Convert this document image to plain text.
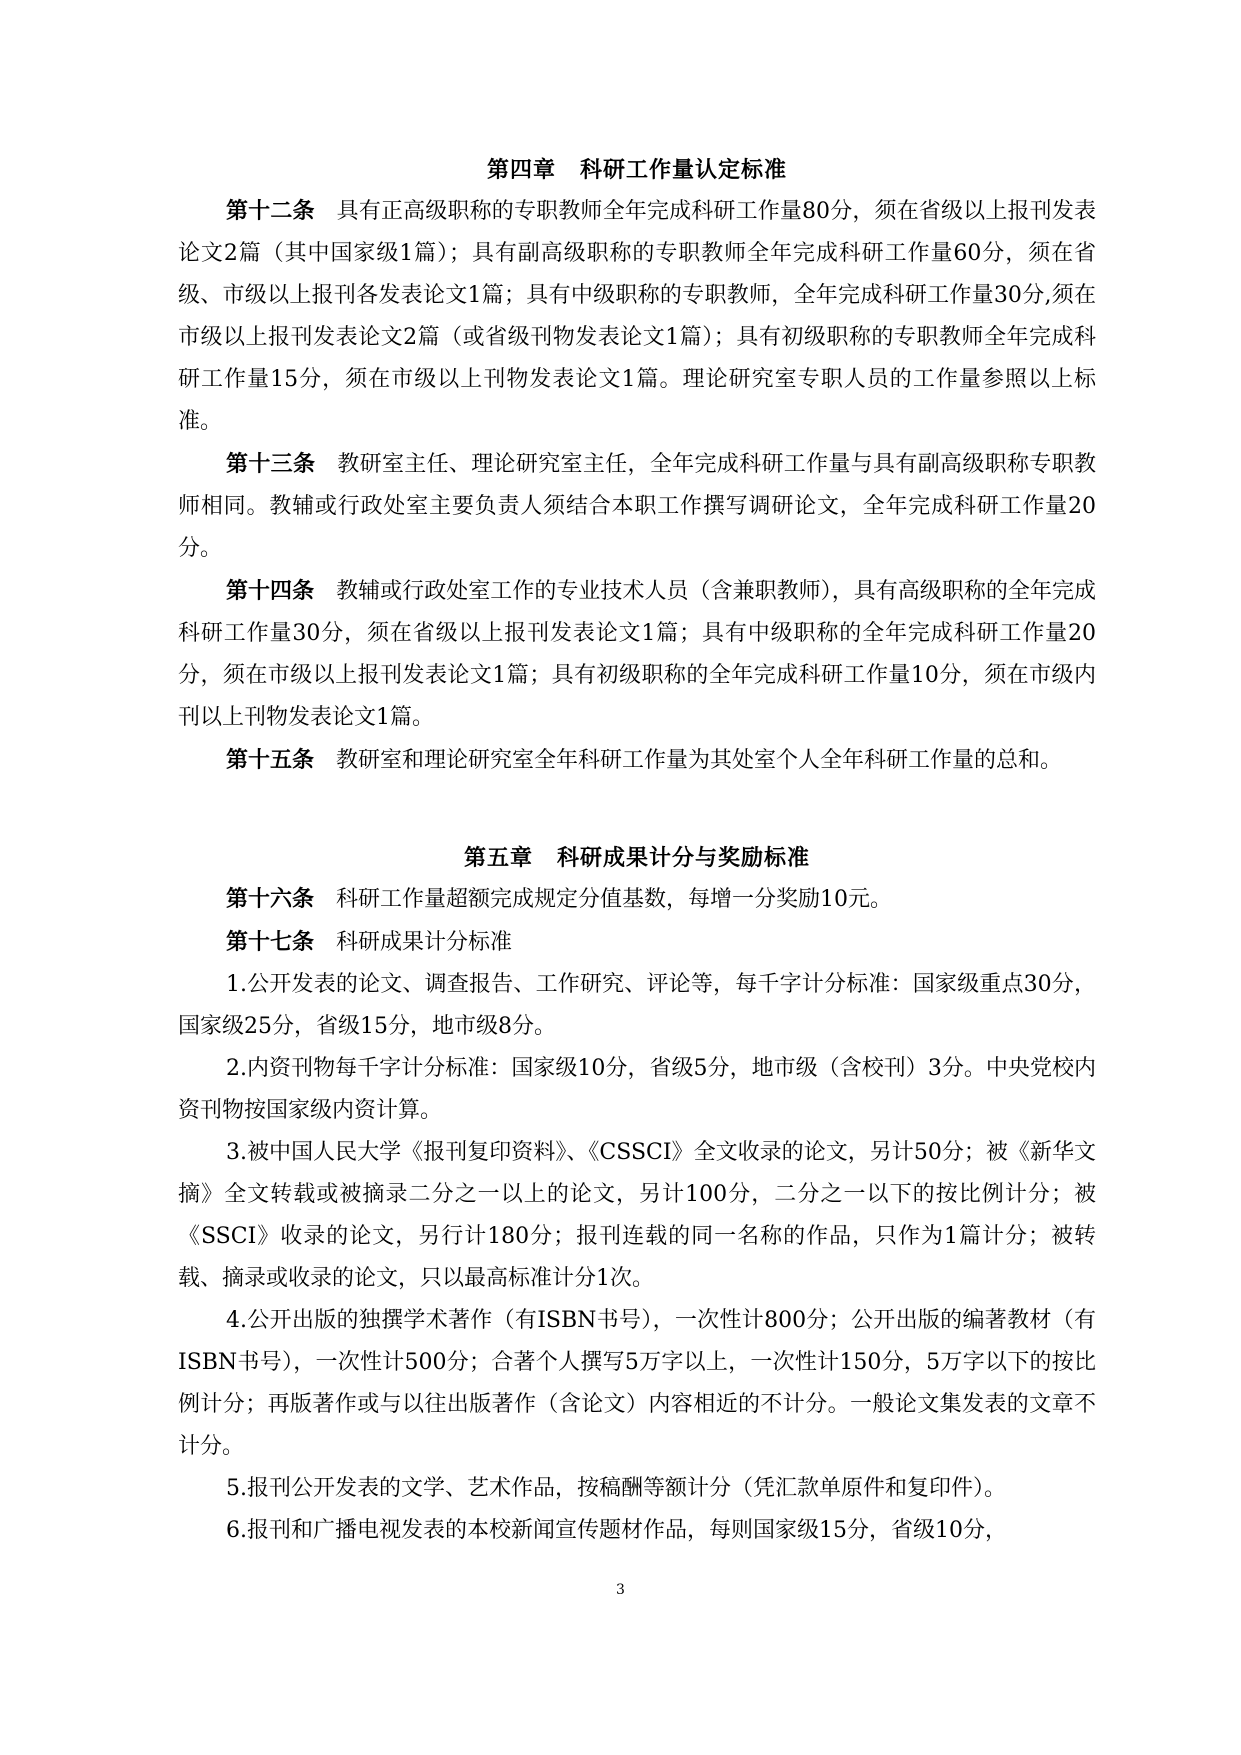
第四章 科研工作量认定标准

第十二条 具有正高级职称的专职教师全年完成科研工作量80分，须在省级以上报刊发表论文2篇（其中国家级1篇）；具有副高级职称的专职教师全年完成科研工作量60分，须在省级、市级以上报刊各发表论文1篇；具有中级职称的专职教师，全年完成科研工作量30分,须在市级以上报刊发表论文2篇（或省级刊物发表论文1篇）；具有初级职称的专职教师全年完成科研工作量15分，须在市级以上刊物发表论文1篇。理论研究室专职人员的工作量参照以上标准。

第十三条 教研室主任、理论研究室主任，全年完成科研工作量与具有副高级职称专职教师相同。教辅或行政处室主要负责人须结合本职工作撰写调研论文，全年完成科研工作量20分。

第十四条 教辅或行政处室工作的专业技术人员（含兼职教师），具有高级职称的全年完成科研工作量30分，须在省级以上报刊发表论文1篇；具有中级职称的全年完成科研工作量20分，须在市级以上报刊发表论文1篇；具有初级职称的全年完成科研工作量10分，须在市级内刊以上刊物发表论文1篇。

第十五条 教研室和理论研究室全年科研工作量为其处室个人全年科研工作量的总和。

第五章 科研成果计分与奖励标准

第十六条 科研工作量超额完成规定分值基数，每增一分奖励10元。

第十七条 科研成果计分标准

1.公开发表的论文、调查报告、工作研究、评论等，每千字计分标准：国家级重点30分，国家级25分，省级15分，地市级8分。

2.内资刊物每千字计分标准：国家级10分，省级5分，地市级（含校刊）3分。中央党校内资刊物按国家级内资计算。

3.被中国人民大学《报刊复印资料》、《CSSCI》全文收录的论文，另计50分；被《新华文摘》全文转载或被摘录二分之一以上的论文，另计100分，二分之一以下的按比例计分；被《SSCI》收录的论文，另行计180分；报刊连载的同一名称的作品，只作为1篇计分；被转载、摘录或收录的论文，只以最高标准计分1次。

4.公开出版的独撰学术著作（有ISBN书号），一次性计800分；公开出版的编著教材（有ISBN书号），一次性计500分；合著个人撰写5万字以上，一次性计150分，5万字以下的按比例计分；再版著作或与以往出版著作（含论文）内容相近的不计分。一般论文集发表的文章不计分。

5.报刊公开发表的文学、艺术作品，按稿酬等额计分（凭汇款单原件和复印件）。

6.报刊和广播电视发表的本校新闻宣传题材作品，每则国家级15分，省级10分，

3
